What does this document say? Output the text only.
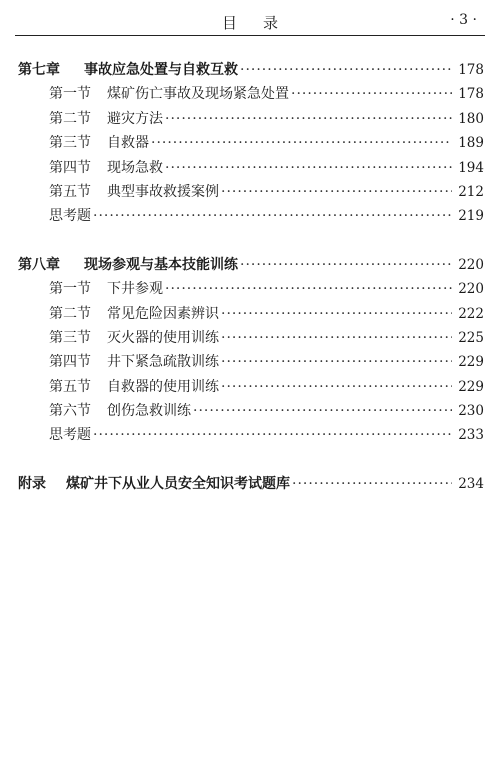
目录	· 3 ·
第七章	事故应急处置与自救互救 ·····	178
第一节	煤矿伤亡事故及现场紧急处置 ·····	178
第二节	避灾方法 ·····	180
第三节	自救器 ·····	189
第四节	现场急救 ·····	194
第五节	典型事故救援案例 ·····	212
思考题 ·····	219
第八章	现场参观与基本技能训练 ·····	220
第一节	下井参观 ·····	220
第二节	常见危险因素辨识 ·····	222
第三节	灭火器的使用训练 ·····	225
第四节	井下紧急疏散训练 ·····	229
第五节	自救器的使用训练 ·····	229
第六节	创伤急救训练 ·····	230
思考题 ·····	233
附录	煤矿井下从业人员安全知识考试题库 ·····	234
